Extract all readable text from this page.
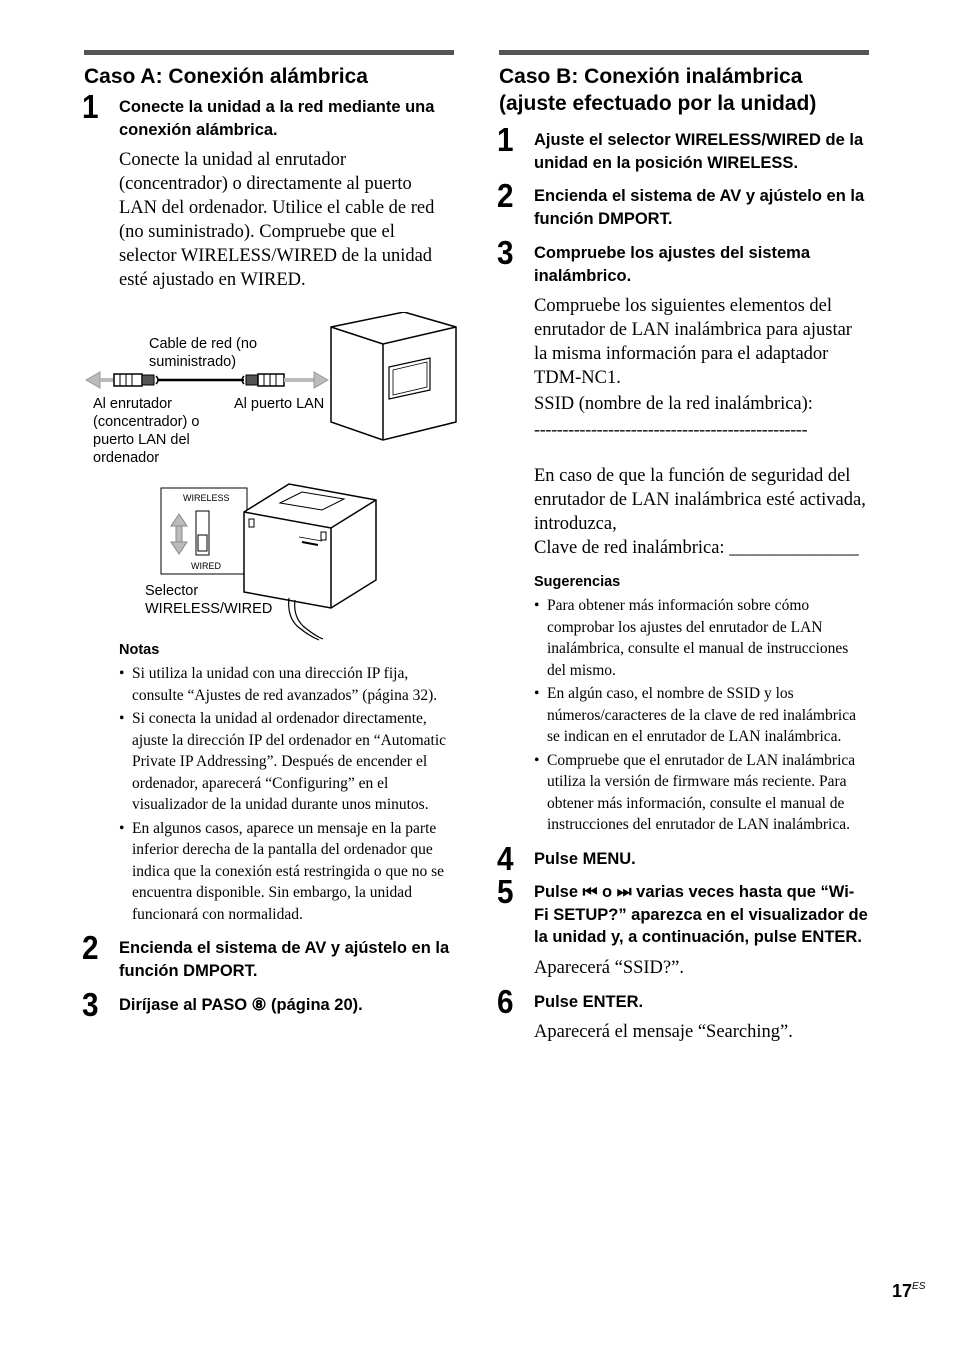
Caso A: Conexión alámbrica
1 Conecte la unidad a la red mediante una conexión alámbrica.
Conecte la unidad al enrutador (concentrador) o directamente al puerto LAN del ordenador. Utilice el cable de red (no suministrado). Compruebe que el selector WIRELESS/WIRED de la unidad esté ajustado en WIRED.
Cable de red (no suministrado)
Al enrutador (concentrador) o puerto LAN del ordenador
Al puerto LAN
WIRELESS
WIRED
Selector WIRELESS/WIRED
Notas
• Si utiliza la unidad con una dirección IP fija, consulte “Ajustes de red avanzados” (página 32).
• Si conecta la unidad al ordenador directamente, ajuste la dirección IP del ordenador en “Automatic Private IP Addressing”. Después de encender el ordenador, aparecerá “Configuring” en el visualizador de la unidad durante unos minutos.
• En algunos casos, aparece un mensaje en la parte inferior derecha de la pantalla del ordenador que indica que la conexión está restringida o que no se encuentra disponible. Sin embargo, la unidad funcionará con normalidad.
2 Encienda el sistema de AV y ajústelo en la función DMPORT.
3 Diríjase al PASO ⑧ (página 20).
Caso B: Conexión inalámbrica (ajuste efectuado por la unidad)
1 Ajuste el selector WIRELESS/WIRED de la unidad en la posición WIRELESS.
2 Encienda el sistema de AV y ajústelo en la función DMPORT.
3 Compruebe los ajustes del sistema inalámbrico.
Compruebe los siguientes elementos del enrutador de LAN inalámbrica para ajustar la misma información para el adaptador TDM-NC1.
SSID (nombre de la red inalámbrica):
------------------------------------------------
En caso de que la función de seguridad del enrutador de LAN inalámbrica esté activada, introduzca,
Clave de red inalámbrica: ______________
Sugerencias
• Para obtener más información sobre cómo comprobar los ajustes del enrutador de LAN inalámbrica, consulte el manual de instrucciones del mismo.
• En algún caso, el nombre de SSID y los números/caracteres de la clave de red inalámbrica se indican en el enrutador de LAN inalámbrica.
• Compruebe que el enrutador de LAN inalámbrica utiliza la versión de firmware más reciente. Para obtener más información, consulte el manual de instrucciones del enrutador de LAN inalámbrica.
4 Pulse MENU.
5 Pulse ⏮ o ⏭ varias veces hasta que “Wi- Fi SETUP?” aparezca en el visualizador de la unidad y, a continuación, pulse ENTER.
Aparecerá “SSID?”.
6 Pulse ENTER.
Aparecerá el mensaje “Searching”.
$17^{ES}$
